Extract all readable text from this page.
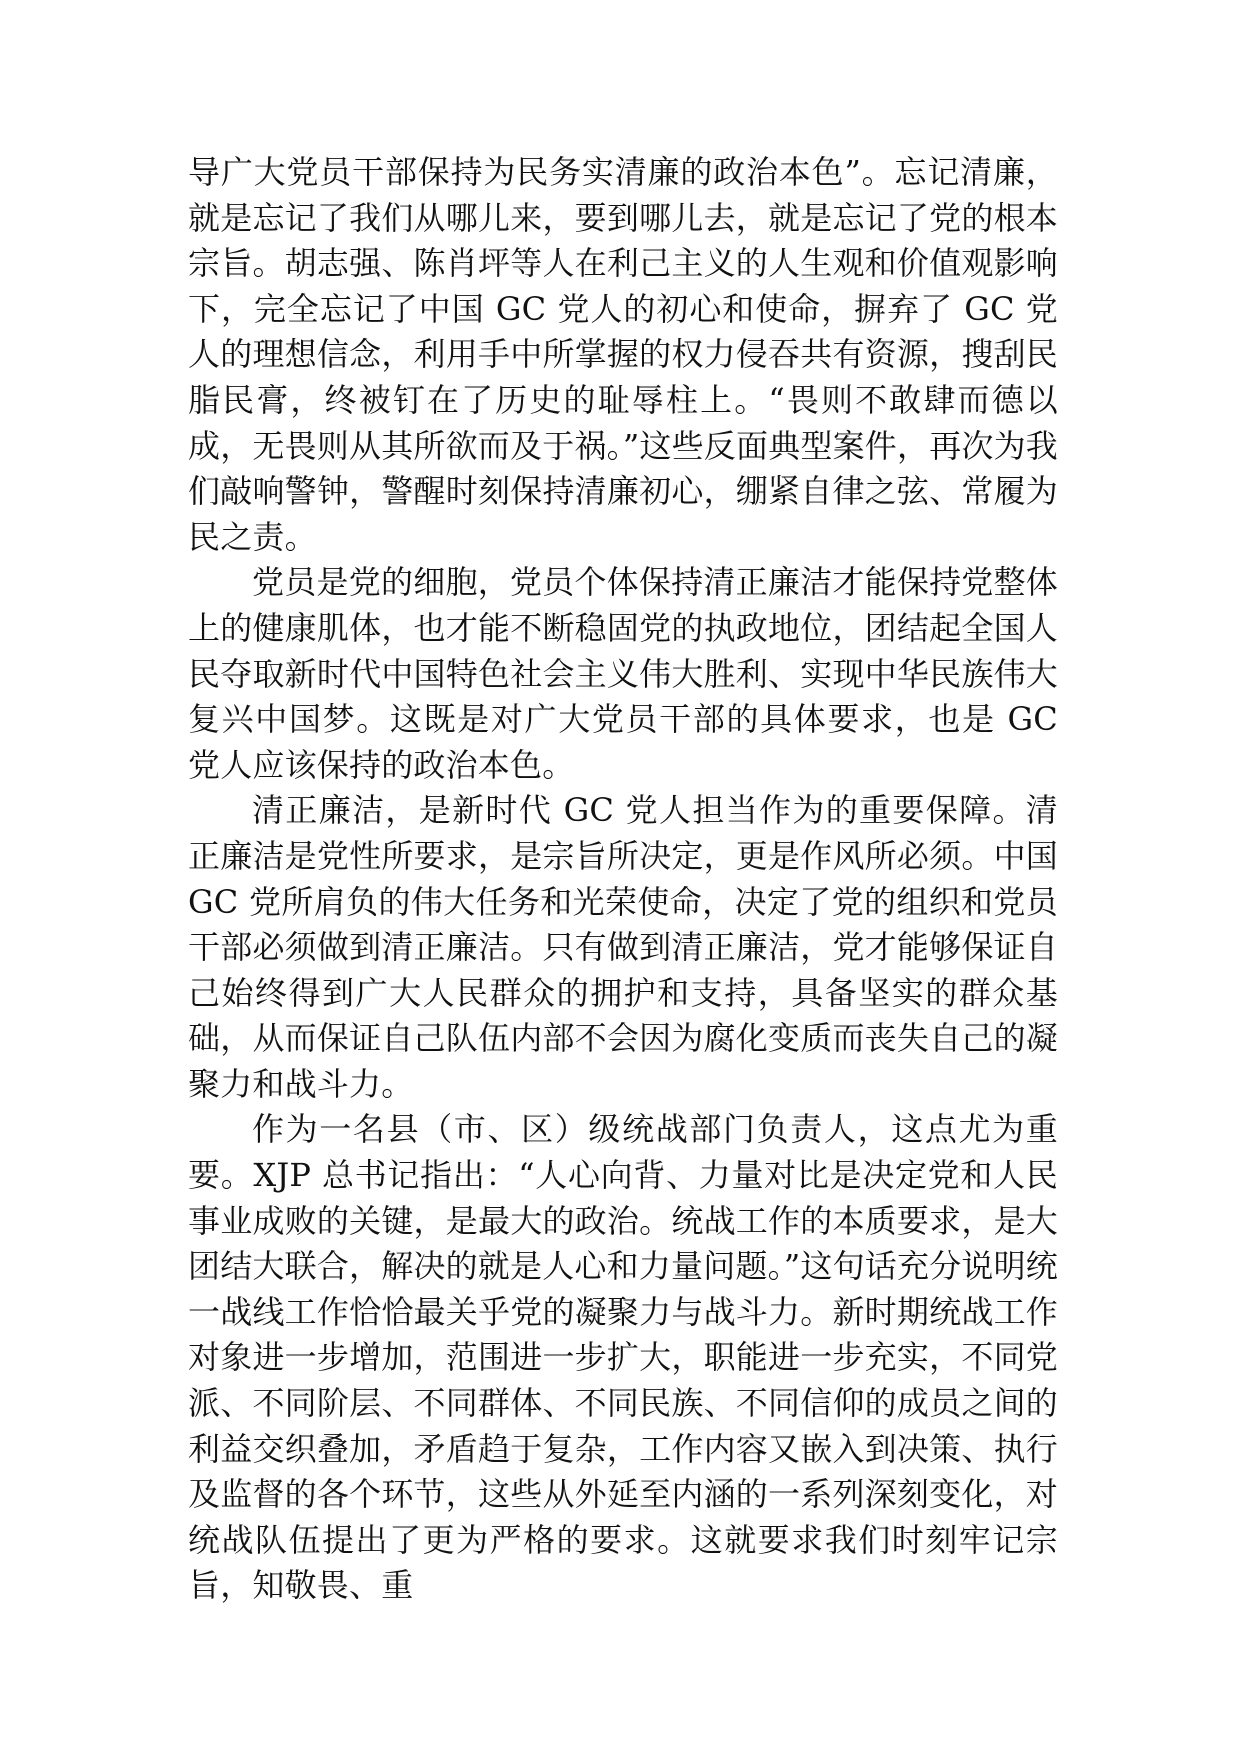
导广大党员干部保持为民务实清廉的政治本色”。忘记清廉，就是忘记了我们从哪儿来，要到哪儿去，就是忘记了党的根本宗旨。胡志强、陈肖坪等人在利己主义的人生观和价值观影响下，完全忘记了中国 GC 党人的初心和使命，摒弃了 GC 党人的理想信念，利用手中所掌握的权力侵吞共有资源，搜刮民脂民膏，终被钉在了历史的耻辱柱上。“畏则不敢肆而德以成，无畏则从其所欲而及于祸。”这些反面典型案件，再次为我们敲响警钟，警醒时刻保持清廉初心，绷紧自律之弦、常履为民之责。

党员是党的细胞，党员个体保持清正廉洁才能保持党整体上的健康肌体，也才能不断稳固党的执政地位，团结起全国人民夺取新时代中国特色社会主义伟大胜利、实现中华民族伟大复兴中国梦。这既是对广大党员干部的具体要求，也是 GC 党人应该保持的政治本色。

清正廉洁，是新时代 GC 党人担当作为的重要保障。清正廉洁是党性所要求，是宗旨所决定，更是作风所必须。中国 GC 党所肩负的伟大任务和光荣使命，决定了党的组织和党员干部必须做到清正廉洁。只有做到清正廉洁，党才能够保证自己始终得到广大人民群众的拥护和支持，具备坚实的群众基础，从而保证自己队伍内部不会因为腐化变质而丧失自己的凝聚力和战斗力。

作为一名县（市、区）级统战部门负责人，这点尤为重要。XJP 总书记指出：“人心向背、力量对比是决定党和人民事业成败的关键，是最大的政治。统战工作的本质要求，是大团结大联合，解决的就是人心和力量问题。”这句话充分说明统一战线工作恰恰最关乎党的凝聚力与战斗力。新时期统战工作对象进一步增加，范围进一步扩大，职能进一步充实，不同党派、不同阶层、不同群体、不同民族、不同信仰的成员之间的利益交织叠加，矛盾趋于复杂，工作内容又嵌入到决策、执行及监督的各个环节，这些从外延至内涵的一系列深刻变化，对统战队伍提出了更为严格的要求。这就要求我们时刻牢记宗旨，知敬畏、重
